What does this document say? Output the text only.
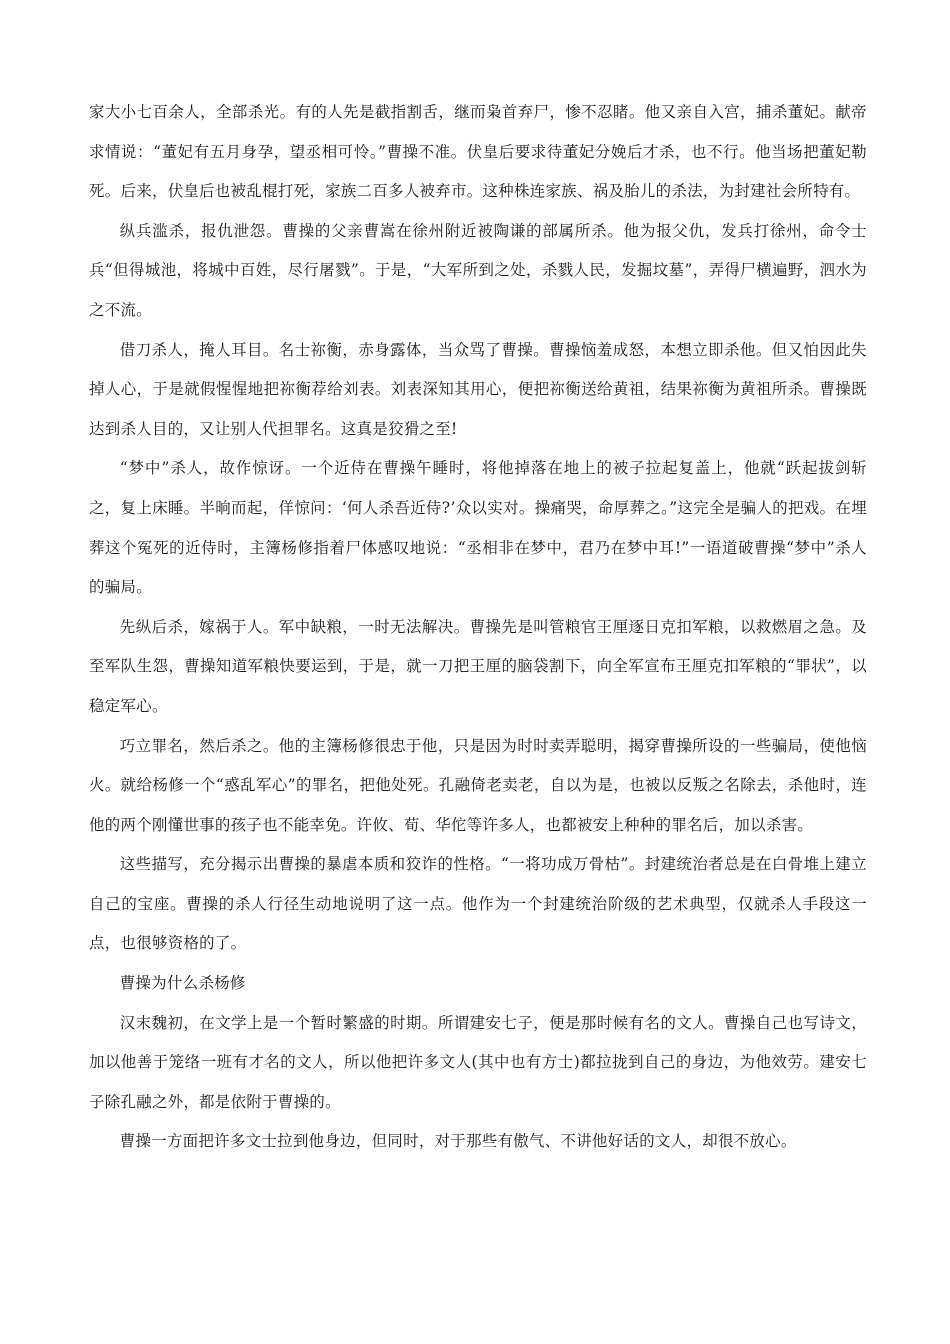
家大小七百余人，全部杀光。有的人先是截指割舌，继而枭首弃尸，惨不忍睹。他又亲自入宫，捕杀董妃。献帝求情说：“董妃有五月身孕，望丞相可怜。”曹操不准。伏皇后要求待董妃分娩后才杀，也不行。他当场把董妃勒死。后来，伏皇后也被乱棍打死，家族二百多人被弃市。这种株连家族、祸及胎儿的杀法，为封建社会所特有。

纵兵滥杀，报仇泄怨。曹操的父亲曹嵩在徐州附近被陶谦的部属所杀。他为报父仇，发兵打徐州，命令士兵“但得城池，将城中百姓，尽行屠戮”。于是，“大军所到之处，杀戮人民，发掘坟墓”，弄得尸横遍野，泗水为之不流。

借刀杀人，掩人耳目。名士祢衡，赤身露体，当众骂了曹操。曹操恼羞成怒，本想立即杀他。但又怕因此失掉人心，于是就假惺惺地把祢衡荐给刘表。刘表深知其用心，便把祢衡送给黄祖，结果祢衡为黄祖所杀。曹操既达到杀人目的，又让别人代担罪名。这真是狡猾之至!

“梦中”杀人，故作惊讶。一个近侍在曹操午睡时，将他掉落在地上的被子拉起复盖上，他就“跃起拔剑斩之，复上床睡。半晌而起，佯惊问：‘何人杀吾近侍?’众以实对。操痛哭，命厚葬之。”这完全是骗人的把戏。在埋葬这个冤死的近侍时，主簿杨修指着尸体感叹地说：“丞相非在梦中，君乃在梦中耳!”一语道破曹操“梦中”杀人的骗局。

先纵后杀，嫁祸于人。军中缺粮，一时无法解决。曹操先是叫管粮官王厘逐日克扣军粮，以救燃眉之急。及至军队生怨，曹操知道军粮快要运到，于是，就一刀把王厘的脑袋割下，向全军宣布王厘克扣军粮的“罪状”，以稳定军心。

巧立罪名，然后杀之。他的主簿杨修很忠于他，只是因为时时卖弄聪明，揭穿曹操所设的一些骗局，使他恼火。就给杨修一个“惑乱军心”的罪名，把他处死。孔融倚老卖老，自以为是，也被以反叛之名除去，杀他时，连他的两个刚懂世事的孩子也不能幸免。许攸、荀、华佗等许多人，也都被安上种种的罪名后，加以杀害。

这些描写，充分揭示出曹操的暴虐本质和狡诈的性格。“一将功成万骨枯”。封建统治者总是在白骨堆上建立自己的宝座。曹操的杀人行径生动地说明了这一点。他作为一个封建统治阶级的艺术典型，仅就杀人手段这一点，也很够资格的了。

曹操为什么杀杨修

汉末魏初，在文学上是一个暂时繁盛的时期。所谓建安七子，便是那时候有名的文人。曹操自己也写诗文，加以他善于笼络一班有才名的文人，所以他把许多文人(其中也有方士)都拉拢到自己的身边，为他效劳。建安七子除孔融之外，都是依附于曹操的。

曹操一方面把许多文士拉到他身边，但同时，对于那些有傲气、不讲他好话的文人，却很不放心。
